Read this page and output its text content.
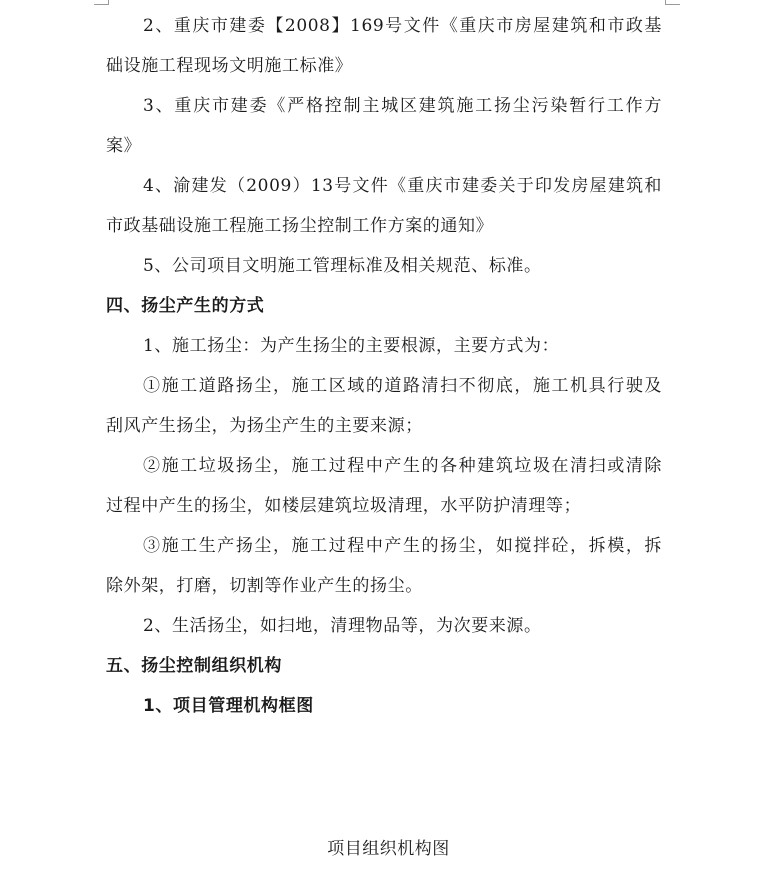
2、重庆市建委【2008】169号文件《重庆市房屋建筑和市政基
础设施工程现场文明施工标准》
3、重庆市建委《严格控制主城区建筑施工扬尘污染暂行工作方
案》
4、渝建发（2009）13号文件《重庆市建委关于印发房屋建筑和
市政基础设施工程施工扬尘控制工作方案的通知》
5、公司项目文明施工管理标准及相关规范、标准。
四、扬尘产生的方式
1、施工扬尘：为产生扬尘的主要根源，主要方式为：
①施工道路扬尘，施工区域的道路清扫不彻底，施工机具行驶及
刮风产生扬尘，为扬尘产生的主要来源；
②施工垃圾扬尘，施工过程中产生的各种建筑垃圾在清扫或清除
过程中产生的扬尘，如楼层建筑垃圾清理，水平防护清理等；
③施工生产扬尘，施工过程中产生的扬尘，如搅拌砼，拆模，拆
除外架，打磨，切割等作业产生的扬尘。
2、生活扬尘，如扫地，清理物品等，为次要来源。
五、扬尘控制组织机构
1、项目管理机构框图
项目组织机构图
